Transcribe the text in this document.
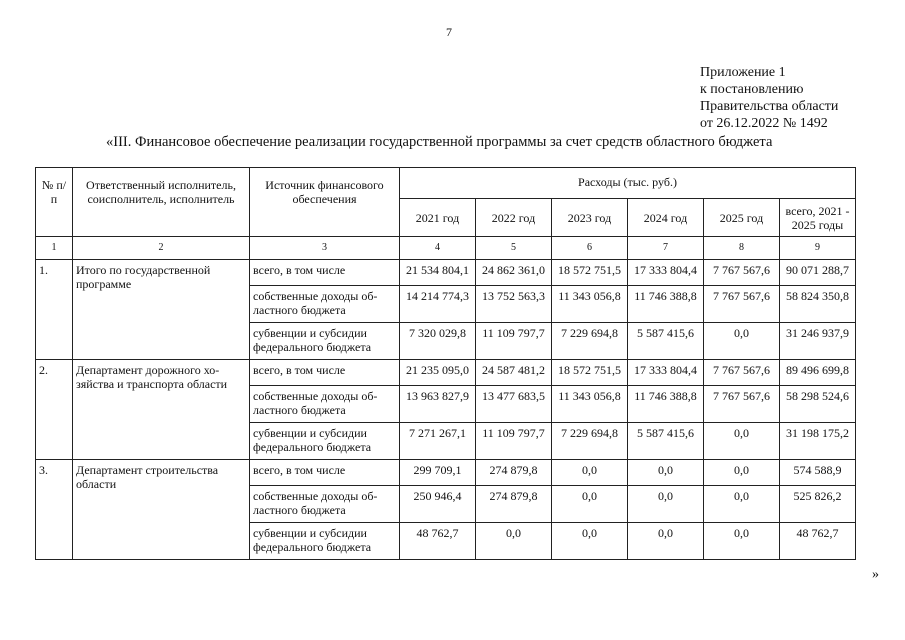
7
Приложение 1
к постановлению
Правительства области
от 26.12.2022 № 1492
«III. Финансовое обеспечение реализации государственной программы за счет средств областного бюджета
№ п/п	Ответственный исполнитель, соисполнитель, исполнитель	Источник финансового обеспечения	Расходы (тыс. руб.)					
			2021 год	2022 год	2023 год	2024 год	2025 год	всего, 2021 - 2025 годы
1	2	3	4	5	6	7	8	9
1.	Итого по государственной программе	всего, в том числе	21 534 804,1	24 862 361,0	18 572 751,5	17 333 804,4	7 767 567,6	90 071 288,7
		собственные доходы об-ластного бюджета	14 214 774,3	13 752 563,3	11 343 056,8	11 746 388,8	7 767 567,6	58 824 350,8
		субвенции и субсидии федерального бюджета	7 320 029,8	11 109 797,7	7 229 694,8	5 587 415,6	0,0	31 246 937,9
2.	Департамент дорожного хо-зяйства и транспорта области	всего, в том числе	21 235 095,0	24 587 481,2	18 572 751,5	17 333 804,4	7 767 567,6	89 496 699,8
		собственные доходы об-ластного бюджета	13 963 827,9	13 477 683,5	11 343 056,8	11 746 388,8	7 767 567,6	58 298 524,6
		субвенции и субсидии федерального бюджета	7 271 267,1	11 109 797,7	7 229 694,8	5 587 415,6	0,0	31 198 175,2
3.	Департамент строительства области	всего, в том числе	299 709,1	274 879,8	0,0	0,0	0,0	574 588,9
		собственные доходы об-ластного бюджета	250 946,4	274 879,8	0,0	0,0	0,0	525 826,2
		субвенции и субсидии федерального бюджета	48 762,7	0,0	0,0	0,0	0,0	48 762,7
»
